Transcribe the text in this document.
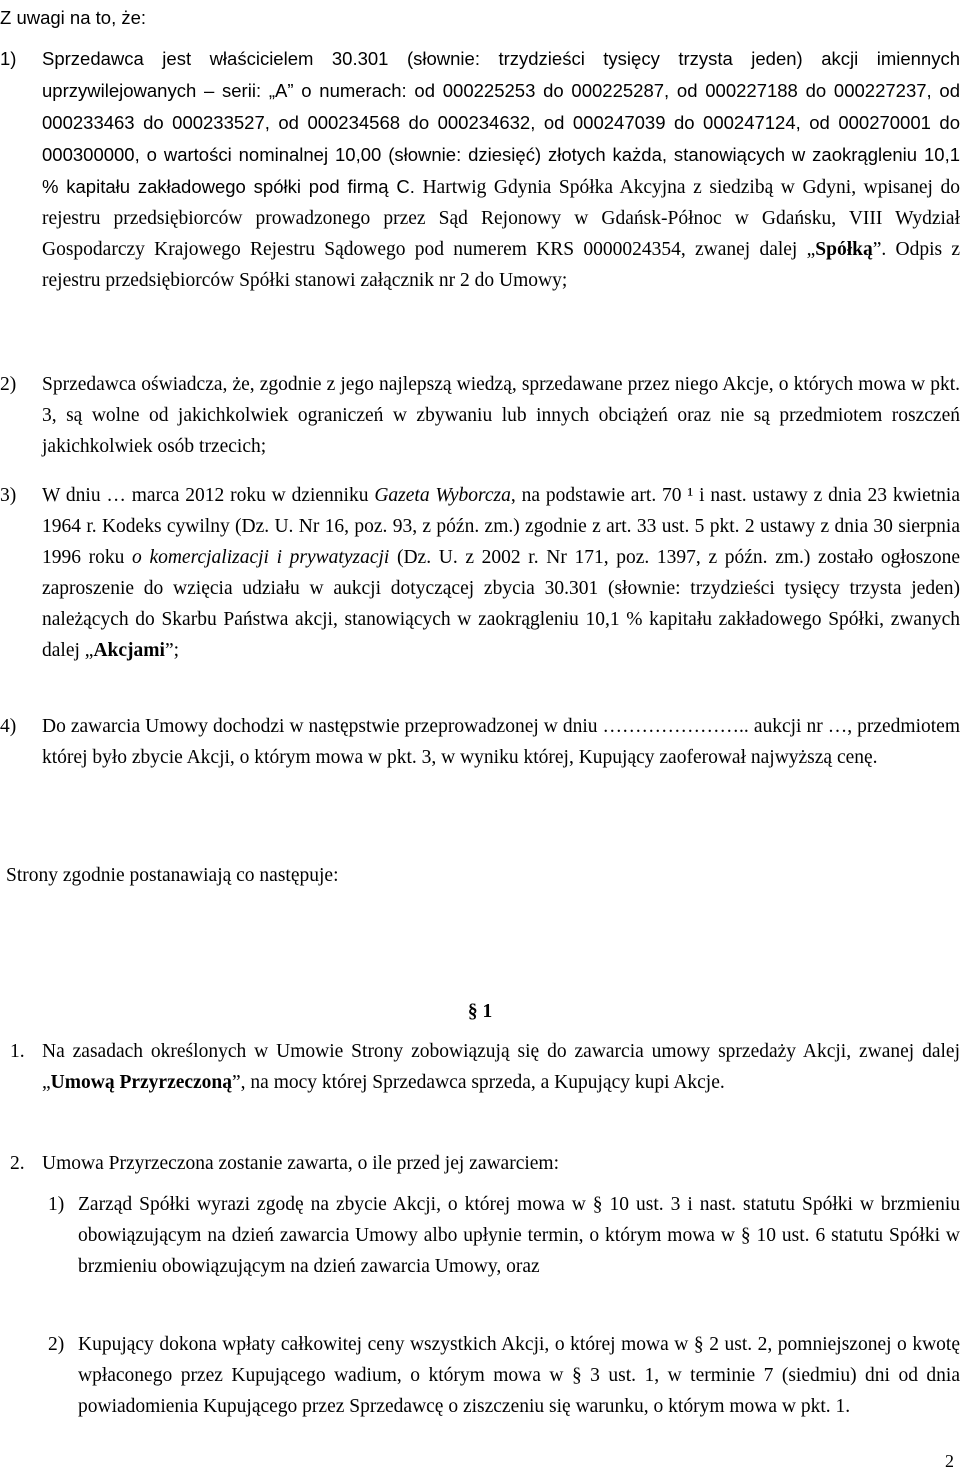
Z uwagi na to, że:
1)	Sprzedawca jest właścicielem 30.301 (słownie: trzydzieści tysięcy trzysta jeden) akcji imiennych uprzywilejowanych – serii: „A” o numerach: od 000225253 do 000225287, od 000227188 do 000227237, od 000233463 do 000233527, od 000234568 do 000234632, od 000247039 do 000247124, od 000270001 do 000300000, o wartości nominalnej 10,00 (słownie: dziesięć) złotych każda, stanowiących w zaokrągleniu 10,1 % kapitału zakładowego spółki pod firmą C. Hartwig Gdynia Spółka Akcyjna z siedzibą w Gdyni, wpisanej do rejestru przedsiębiorców prowadzonego przez Sąd Rejonowy w Gdańsk-Północ w Gdańsku, VIII Wydział Gospodarczy Krajowego Rejestru Sądowego pod numerem KRS 0000024354, zwanej dalej „Spółką”. Odpis z rejestru przedsiębiorców Spółki stanowi załącznik nr 2 do Umowy;
2)	Sprzedawca oświadcza, że, zgodnie z jego najlepszą wiedzą, sprzedawane przez niego Akcje, o których mowa w pkt. 3, są wolne od jakichkolwiek ograniczeń w zbywaniu lub innych obciążeń oraz nie są przedmiotem roszczeń jakichkolwiek osób trzecich;
3)	W dniu … marca 2012 roku w dzienniku Gazeta Wyborcza, na podstawie art. 70 ¹ i nast. ustawy z dnia 23 kwietnia 1964 r. Kodeks cywilny (Dz. U. Nr 16, poz. 93, z późn. zm.) zgodnie z art. 33 ust. 5 pkt. 2 ustawy z dnia 30 sierpnia 1996 roku o komercjalizacji i prywatyzacji (Dz. U. z 2002 r. Nr 171, poz. 1397, z późn. zm.) zostało ogłoszone zaproszenie do wzięcia udziału w aukcji dotyczącej zbycia 30.301 (słownie: trzydzieści tysięcy trzysta jeden) należących do Skarbu Państwa akcji, stanowiących w zaokrągleniu 10,1 % kapitału zakładowego Spółki, zwanych dalej „Akcjami”;
4)	Do zawarcia Umowy dochodzi w następstwie przeprowadzonej w dniu ………………….. aukcji nr …, przedmiotem której było zbycie Akcji, o którym mowa w pkt. 3, w wyniku której, Kupujący zaoferował najwyższą cenę.
Strony zgodnie postanawiają co następuje:
§ 1
1. Na zasadach określonych w Umowie Strony zobowiązują się do zawarcia umowy sprzedaży Akcji, zwanej dalej „Umową Przyrzeczoną”, na mocy której Sprzedawca sprzeda, a Kupujący kupi Akcje.
2. Umowa Przyrzeczona zostanie zawarta, o ile przed jej zawarciem:
1) Zarząd Spółki wyrazi zgodę na zbycie Akcji, o której mowa w § 10 ust. 3 i nast. statutu Spółki w brzmieniu obowiązującym na dzień zawarcia Umowy albo upłynie termin, o którym mowa w § 10 ust. 6 statutu Spółki w brzmieniu obowiązującym na dzień zawarcia Umowy, oraz
2) Kupujący dokona wpłaty całkowitej ceny wszystkich Akcji, o której mowa w § 2 ust. 2, pomniejszonej o kwotę wpłaconego przez Kupującego wadium, o którym mowa w § 3 ust. 1, w terminie 7 (siedmiu) dni od dnia powiadomienia Kupującego przez Sprzedawcę o ziszczeniu się warunku, o którym mowa w pkt. 1.
2
